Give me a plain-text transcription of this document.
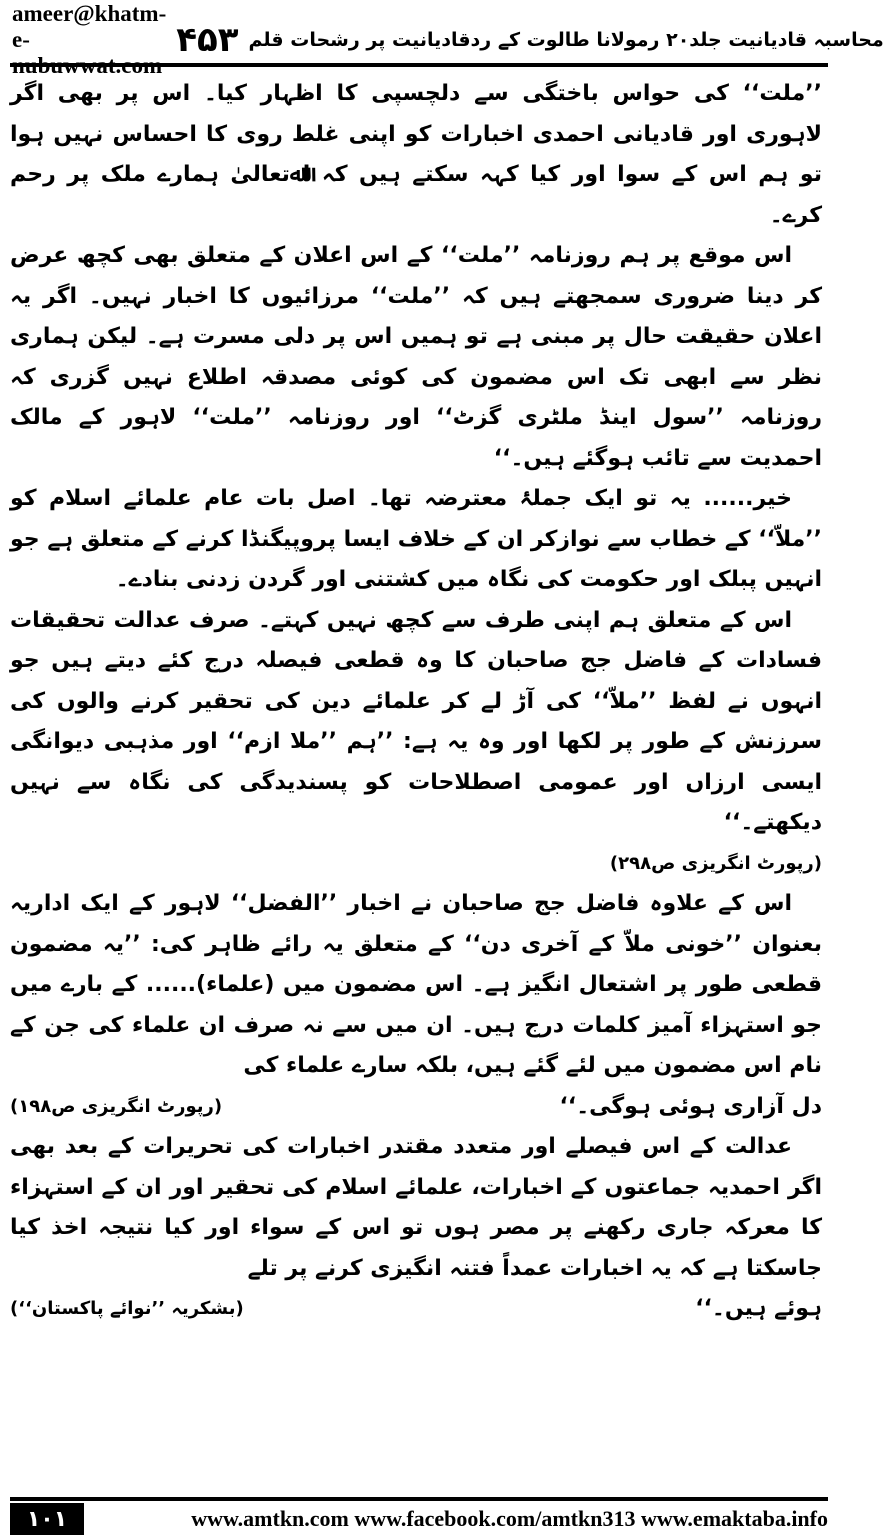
ameer@khatm-e-nubuwwat.com
۴۵۳ محاسبہ قادیانیت جلد۲۰ رمولانا طالوت کے ردقادیانیت پر رشحات قلم

’’ملت‘‘ کی حواس باختگی سے دلچسپی کا اظہار کیا۔ اس پر بھی اگر لاہوری اور قادیانی احمدی اخبارات کو اپنی غلط روی کا احساس نہیں ہوا تو ہم اس کے سوا اور کیا کہہ سکتے ہیں کہ اﷲتعالیٰ ہمارے ملک پر رحم کرے۔

اس موقع پر ہم روزنامہ ’’ملت‘‘ کے اس اعلان کے متعلق بھی کچھ عرض کر دینا ضروری سمجھتے ہیں کہ ’’ملت‘‘ مرزائیوں کا اخبار نہیں۔ اگر یہ اعلان حقیقت حال پر مبنی ہے تو ہمیں اس پر دلی مسرت ہے۔ لیکن ہماری نظر سے ابھی تک اس مضمون کی کوئی مصدقہ اطلاع نہیں گزری کہ روزنامہ ’’سول اینڈ ملٹری گزٹ‘‘ اور روزنامہ ’’ملت‘‘ لاہور کے مالک احمدیت سے تائب ہوگئے ہیں۔‘‘

خیر...... یہ تو ایک جملۂ معترضہ تھا۔ اصل بات عام علمائے اسلام کو ’’ملاّ‘‘ کے خطاب سے نوازکر ان کے خلاف ایسا پروپیگنڈا کرنے کے متعلق ہے جو انہیں پبلک اور حکومت کی نگاہ میں کشتنی اور گردن زدنی بنادے۔

اس کے متعلق ہم اپنی طرف سے کچھ نہیں کہتے۔ صرف عدالت تحقیقات فسادات کے فاضل جج صاحبان کا وہ قطعی فیصلہ درج کئے دیتے ہیں جو انہوں نے لفظ ’’ملاّ‘‘ کی آڑ لے کر علمائے دین کی تحقیر کرنے والوں کی سرزنش کے طور پر لکھا اور وہ یہ ہے: ’’ہم ’’ملا ازم‘‘ اور مذہبی دیوانگی ایسی ارزاں اور عمومی اصطلاحات کو پسندیدگی کی نگاہ سے نہیں دیکھتے۔‘‘

(رپورٹ انگریزی ص۲۹۸)

اس کے علاوہ فاضل جج صاحبان نے اخبار ’’الفضل‘‘ لاہور کے ایک اداریہ بعنوان ’’خونی ملاّ کے آخری دن‘‘ کے متعلق یہ رائے ظاہر کی: ’’یہ مضمون قطعی طور پر اشتعال انگیز ہے۔ اس مضمون میں (علماء)...... کے بارے میں جو استہزاء آمیز کلمات درج ہیں۔ ان میں سے نہ صرف ان علماء کی جن کے نام اس مضمون میں لئے گئے ہیں، بلکہ سارے علماء کی

دل آزاری ہوئی ہوگی۔‘‘
(رپورٹ انگریزی ص۱۹۸)

عدالت کے اس فیصلے اور متعدد مقتدر اخبارات کی تحریرات کے بعد بھی اگر احمدیہ جماعتوں کے اخبارات، علمائے اسلام کی تحقیر اور ان کے استہزاء کا معرکہ جاری رکھنے پر مصر ہوں تو اس کے سواء اور کیا نتیجہ اخذ کیا جاسکتا ہے کہ یہ اخبارات عمداً فتنہ انگیزی کرنے پر تلے

ہوئے ہیں۔‘‘
(بشکریہ ’’نوائے پاکستان‘‘)
۱۰۱	www.amtkn.com www.facebook.com/amtkn313 www.emaktaba.info
